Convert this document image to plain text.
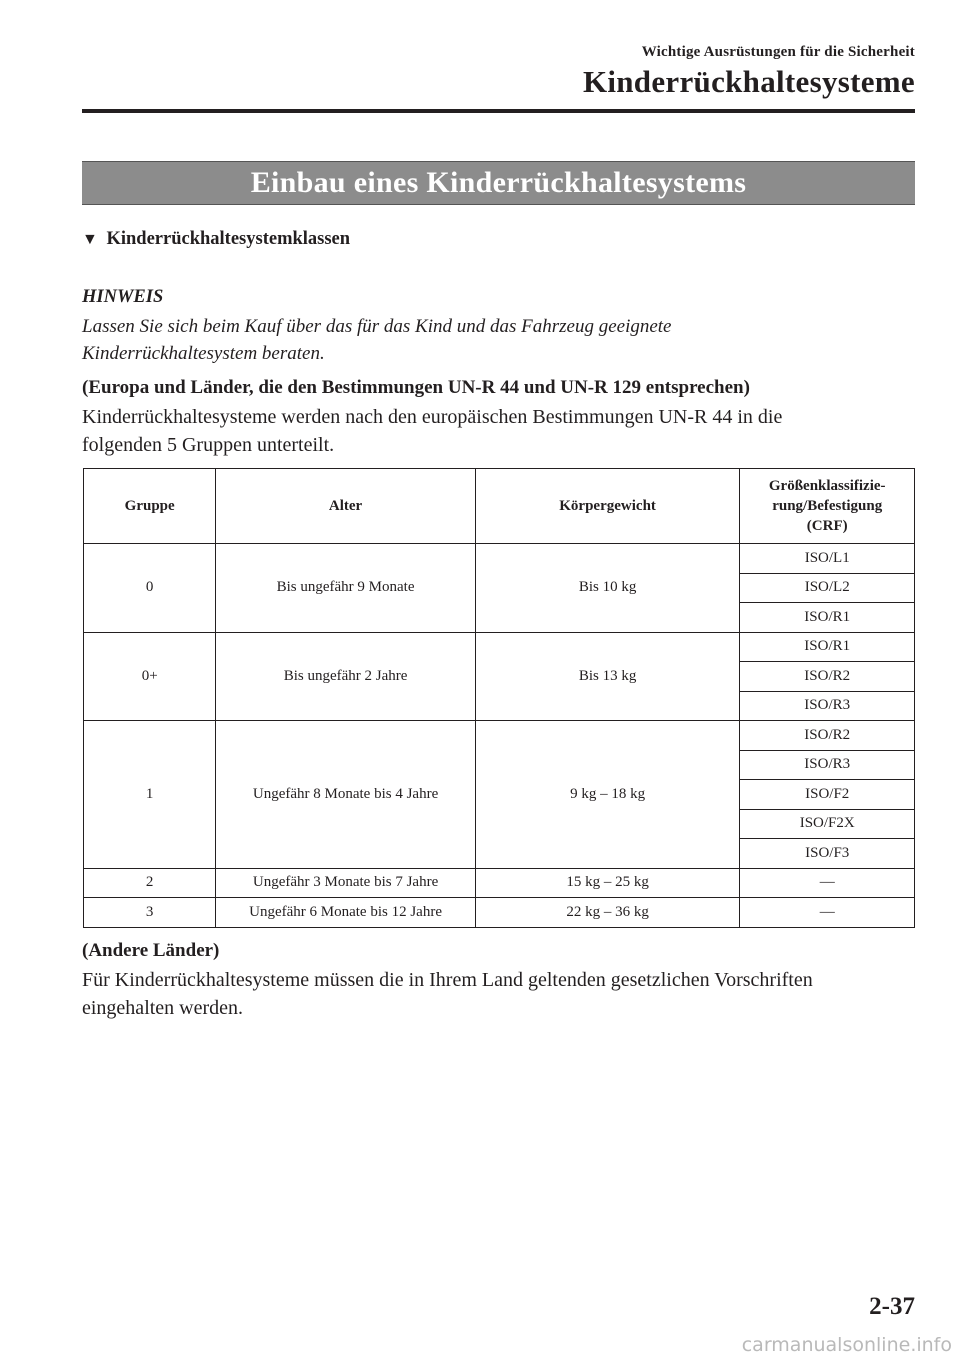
Wichtige Ausrüstungen für die Sicherheit
Kinderrückhaltesysteme
Einbau eines Kinderrückhaltesystems
▼ Kinderrückhaltesystemklassen
HINWEIS
Lassen Sie sich beim Kauf über das für das Kind und das Fahrzeug geeignete
Kinderrückhaltesystem beraten.
(Europa und Länder, die den Bestimmungen UN-R 44 und UN-R 129 entsprechen)
Kinderrückhaltesysteme werden nach den europäischen Bestimmungen UN-R 44 in die
folgenden 5 Gruppen unterteilt.
Gruppe	Alter	Körpergewicht	Größenklassifizie-
rung/Befestigung
(CRF)

0	Bis ungefähr 9 Monate	Bis 10 kg	ISO/L1
			ISO/L2
			ISO/R1
0+	Bis ungefähr 2 Jahre	Bis 13 kg	ISO/R1
			ISO/R2
			ISO/R3
1	Ungefähr 8 Monate bis 4 Jahre	9 kg – 18 kg	ISO/R2
			ISO/R3
			ISO/F2
			ISO/F2X
			ISO/F3
2	Ungefähr 3 Monate bis 7 Jahre	15 kg – 25 kg	―
3	Ungefähr 6 Monate bis 12 Jahre	22 kg – 36 kg	―
(Andere Länder)
Für Kinderrückhaltesysteme müssen die in Ihrem Land geltenden gesetzlichen Vorschriften
eingehalten werden.
2-37
carmanualsonline.info
